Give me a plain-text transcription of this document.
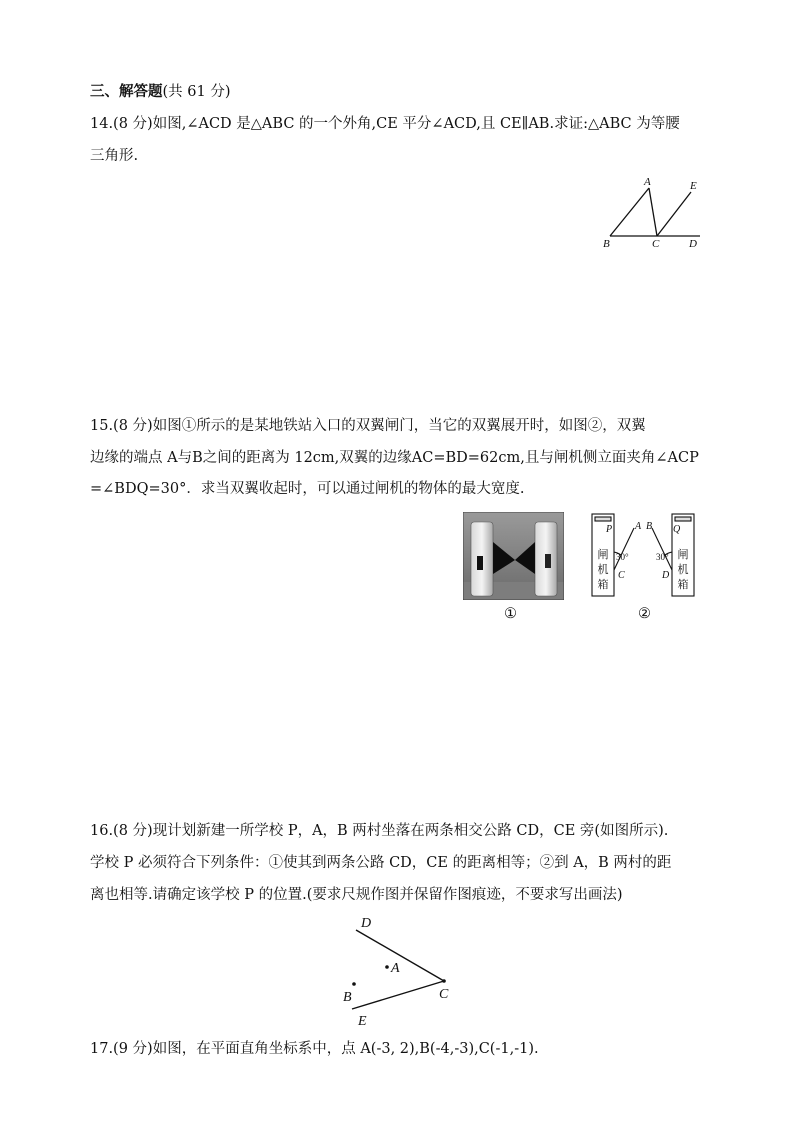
三、解答题(共 61 分)
14.(8 分)如图,∠ACD 是△ABC 的一个外角,CE 平分∠ACD,且 CE∥AB.求证:△ABC 为等腰
三角形.
A	E
B	C	D
15.(8 分)如图①所示的是某地铁站入口的双翼闸门，当它的双翼展开时，如图②，双翼
边缘的端点 A与B之间的距离为 12cm,双翼的边缘AC=BD=62cm,且与闸机侧立面夹角∠ACP
=∠BDQ=30°．求当双翼收起时，可以通过闸机的物体的最大宽度.
①
P A B Q
C	D
30°	30°
闸
机
箱
闸
机
箱
②
16.(8 分)现计划新建一所学校 P，A，B 两村坐落在两条相交公路 CD，CE 旁(如图所示).
学校 P 必须符合下列条件：①使其到两条公路 CD，CE 的距离相等；②到 A，B 两村的距
离也相等.请确定该学校 P 的位置.(要求尺规作图并保留作图痕迹，不要求写出画法)
D
A
B	C
E
17.(9 分)如图，在平面直角坐标系中，点 A(-3, 2),B(-4,-3),C(-1,-1).
